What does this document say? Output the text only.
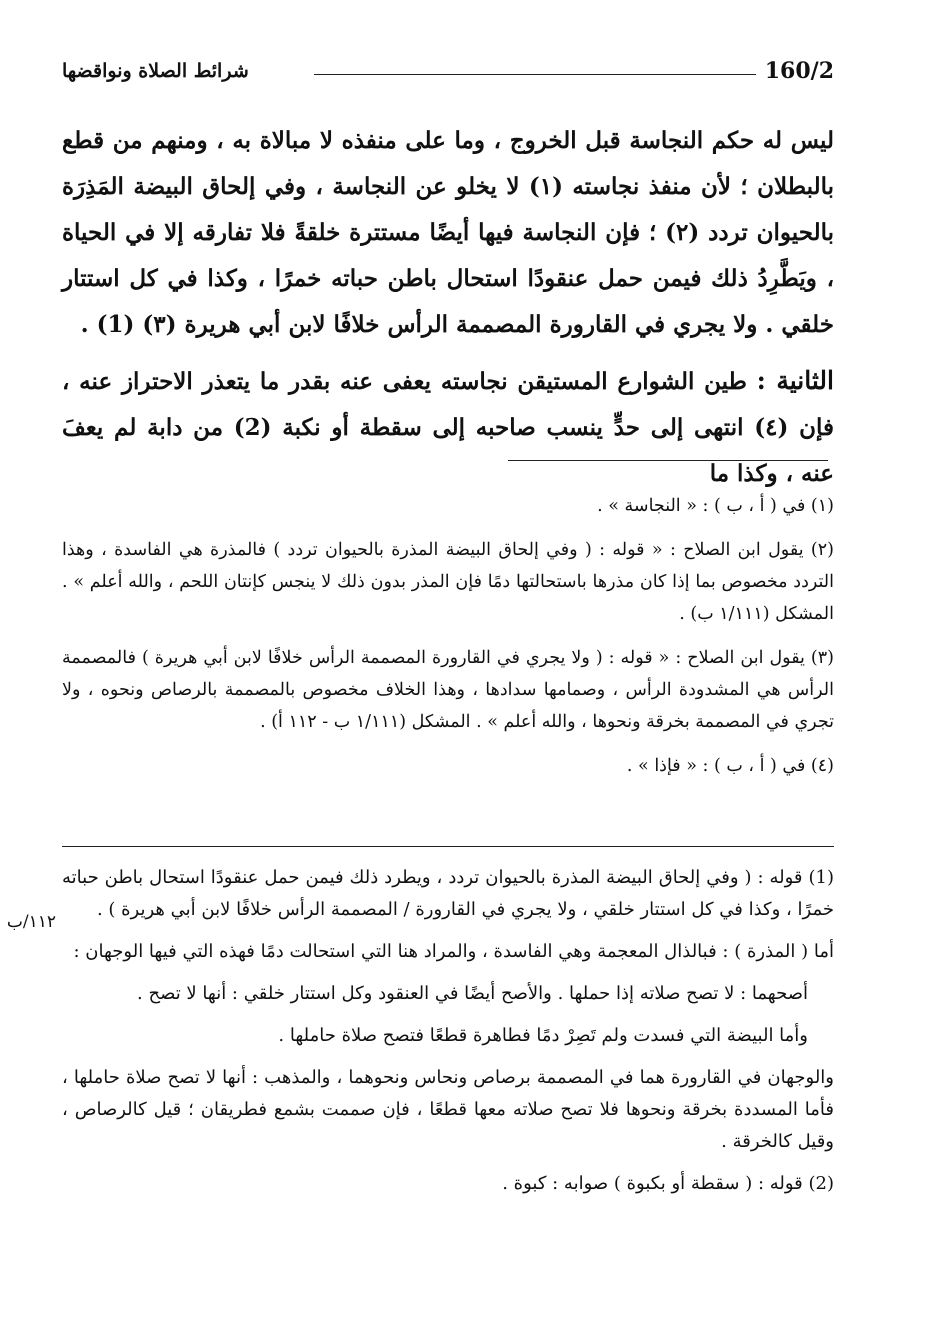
شرائط الصلاة ونواقضها	160/2

ليس له حكم النجاسة قبل الخروج ، وما على منفذه لا مبالاة به ، ومنهم من قطع بالبطلان ؛ لأن منفذ نجاسته (١) لا يخلو عن النجاسة ، وفي إلحاق البيضة المَذِرَة بالحيوان تردد (٢) ؛ فإن النجاسة فيها أيضًا مستترة خلقةً فلا تفارقه إلا في الحياة ، ويَطَّرِدُ ذلك فيمن حمل عنقودًا استحال باطن حباته خمرًا ، وكذا في كل استتار خلقي . ولا يجري في القارورة المصممة الرأس خلافًا لابن أبي هريرة (٣) (1) .

الثانية : طين الشوارع المستيقن نجاسته يعفى عنه بقدر ما يتعذر الاحتراز عنه ، فإن (٤) انتهى إلى حدٍّ ينسب صاحبه إلى سقطة أو نكبة (2) من دابة لم يعفَ عنه ، وكذا ما

(١) في ( أ ، ب ) : « النجاسة » .

(٢) يقول ابن الصلاح : « قوله : ( وفي إلحاق البيضة المذرة بالحيوان تردد ) فالمذرة هي الفاسدة ، وهذا التردد مخصوص بما إذا كان مذرها باستحالتها دمًا فإن المذر بدون ذلك لا ينجس كإنتان اللحم ، والله أعلم » . المشكل (١/١١١ ب) .

(٣) يقول ابن الصلاح : « قوله : ( ولا يجري في القارورة المصممة الرأس خلافًا لابن أبي هريرة ) فالمصممة الرأس هي المشدودة الرأس ، وصمامها سدادها ، وهذا الخلاف مخصوص بالمصممة بالرصاص ونحوه ، ولا تجري في المصممة بخرقة ونحوها ، والله أعلم » . المشكل (١/١١١ ب - ١١٢ أ) .

(٤) في ( أ ، ب ) : « فإذا » .

(1) قوله : ( وفي إلحاق البيضة المذرة بالحيوان تردد ، ويطرد ذلك فيمن حمل عنقودًا استحال باطن حباته خمرًا ، وكذا في كل استتار خلقي ، ولا يجري في القارورة / المصممة الرأس خلافًا لابن أبي هريرة ) .

أما ( المذرة ) : فبالذال المعجمة وهي الفاسدة ، والمراد هنا التي استحالت دمًا فهذه التي فيها الوجهان :

أصحهما : لا تصح صلاته إذا حملها . والأصح أيضًا في العنقود وكل استتار خلقي : أنها لا تصح .

وأما البيضة التي فسدت ولم تَصِرْ دمًا فطاهرة قطعًا فتصح صلاة حاملها .

والوجهان في القارورة هما في المصممة برصاص ونحاس ونحوهما ، والمذهب : أنها لا تصح صلاة حاملها ، فأما المسددة بخرقة ونحوها فلا تصح صلاته معها قطعًا ، فإن صممت بشمع فطريقان ؛ قيل كالرصاص ، وقيل كالخرقة .

(2) قوله : ( سقطة أو بكبوة ) صوابه : كبوة .

١١٢/ب
